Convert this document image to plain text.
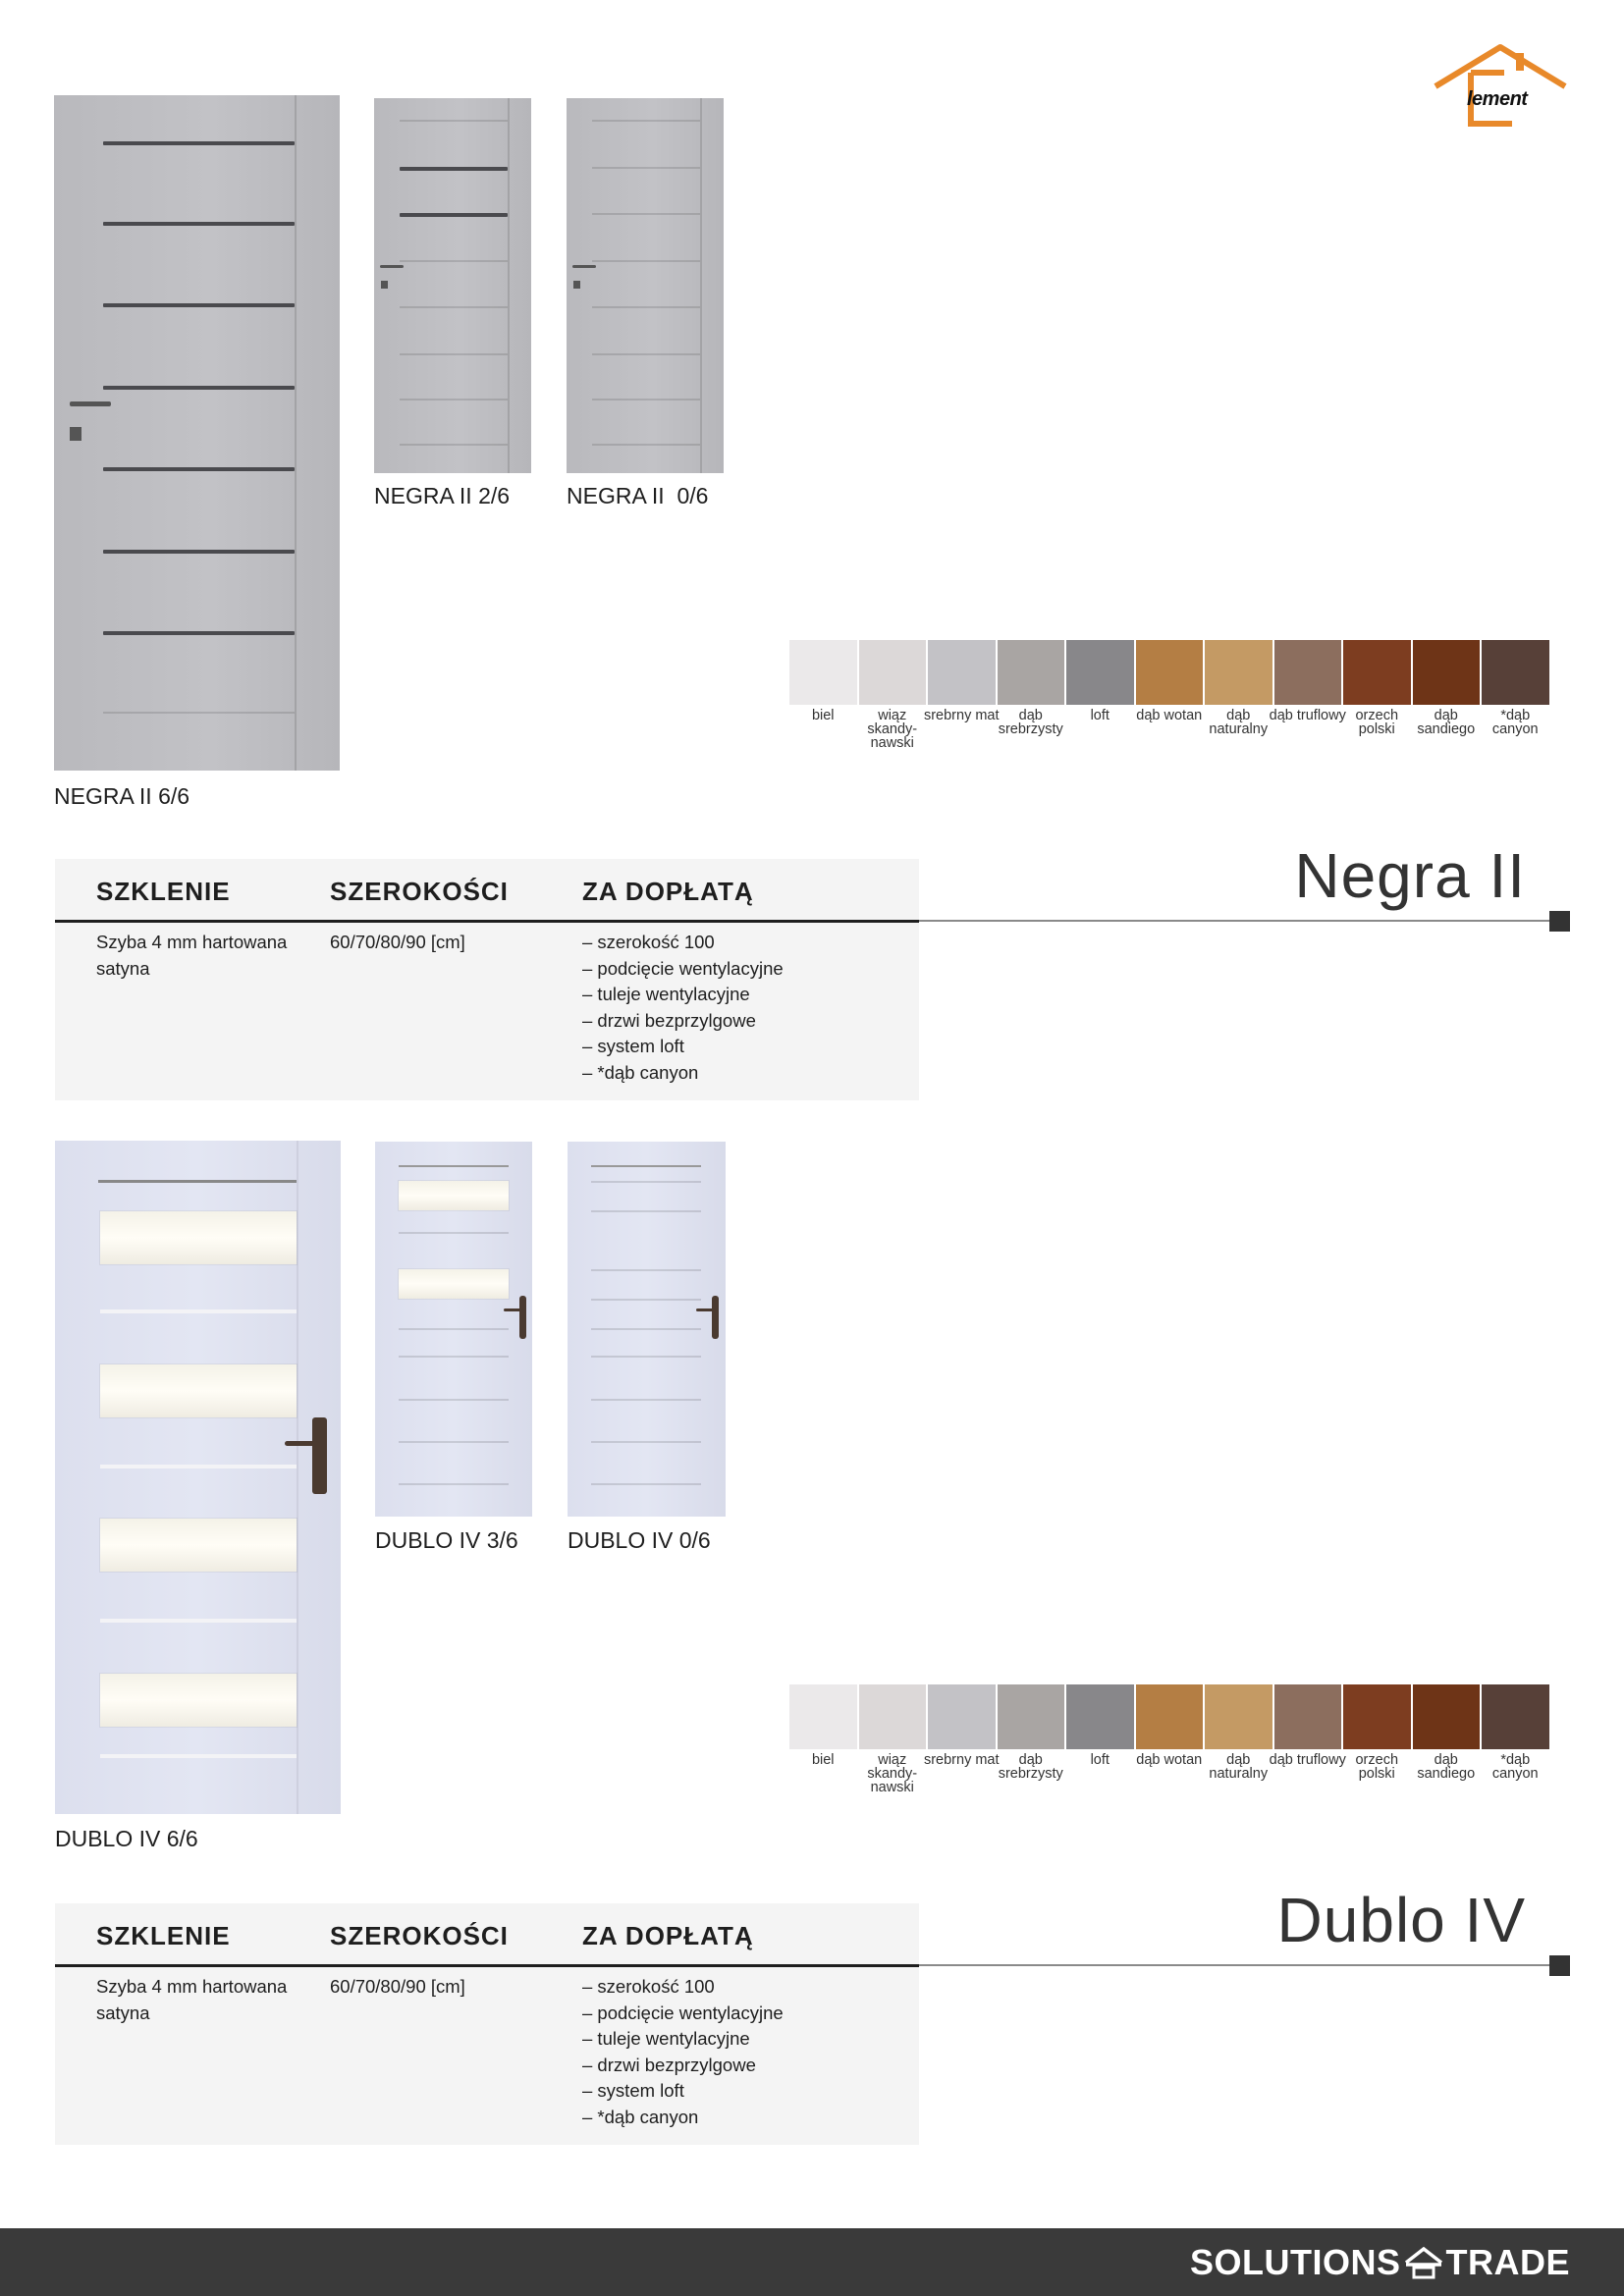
lement
NEGRA II 6/6
NEGRA II 2/6	NEGRA II  0/6
biel	wiąz skandy-nawski
srebrny mat	dąb srebrzysty
loft	dąb wotan	dąb naturalny
dąb truflowy orzech polski
dąb sandiego
*dąb canyon
SZKLENIE	SZEROKOŚCI	ZA DOPŁATĄ
Szyba 4 mm hartowana satyna
60/70/80/90 [cm]	– szerokość 100
– podcięcie wentylacyjne
– tuleje wentylacyjne
– drzwi bezprzylgowe
– system loft
– *dąb canyon
Negra II
DUBLO IV 6/6
DUBLO IV 3/6 DUBLO IV 0/6
biel	wiąz skandy-nawski
srebrny mat	dąb srebrzysty
loft	dąb wotan	dąb naturalny
dąb truflowy orzech polski
dąb sandiego
*dąb canyon
SZKLENIE	SZEROKOŚCI	ZA DOPŁATĄ
Szyba 4 mm hartowana satyna
60/70/80/90 [cm]	– szerokość 100
– podcięcie wentylacyjne
– tuleje wentylacyjne
– drzwi bezprzylgowe
– system loft
– *dąb canyon
Dublo IV
SOLUTIONS TRADE
